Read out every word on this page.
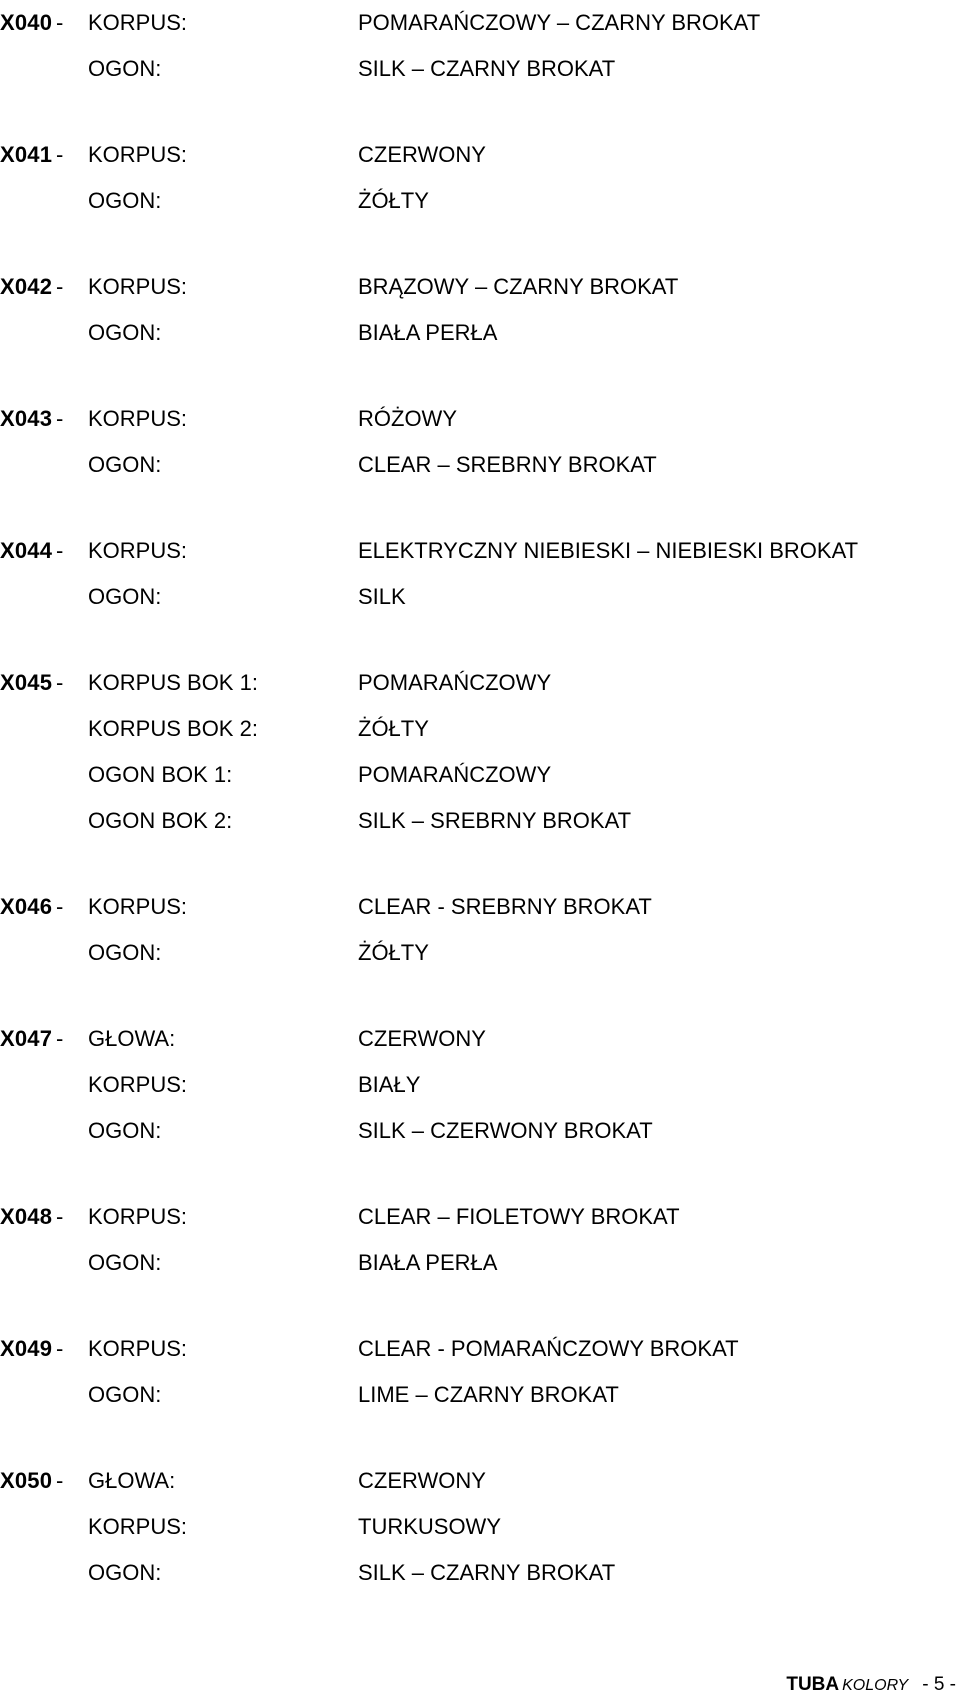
X040 - KORPUS:	POMARAŃCZOWY – CZARNY BROKAT
OGON:	SILK – CZARNY BROKAT
X041 - KORPUS:	CZERWONY
OGON:	ŻÓŁTY
X042 - KORPUS:	BRĄZOWY – CZARNY BROKAT
OGON:	BIAŁA PERŁA
X043 - KORPUS:	RÓŻOWY
OGON:	CLEAR – SREBRNY BROKAT
X044 - KORPUS:	ELEKTRYCZNY NIEBIESKI – NIEBIESKI BROKAT
OGON:	SILK
X045 - KORPUS BOK 1:	POMARAŃCZOWY
KORPUS BOK 2:	ŻÓŁTY
OGON BOK 1:	POMARAŃCZOWY
OGON BOK 2:	SILK – SREBRNY BROKAT
X046 - KORPUS:	CLEAR - SREBRNY BROKAT
OGON:	ŻÓŁTY
X047 - GŁOWA:	CZERWONY
KORPUS:	BIAŁY
OGON:	SILK – CZERWONY BROKAT
X048 - KORPUS:	CLEAR – FIOLETOWY BROKAT
OGON:	BIAŁA PERŁA
X049 - KORPUS:	CLEAR - POMARAŃCZOWY BROKAT
OGON:	LIME – CZARNY BROKAT
X050 - GŁOWA:	CZERWONY
KORPUS:	TURKUSOWY
OGON:	SILK – CZARNY BROKAT
TUBA KOLORY - 5 -
